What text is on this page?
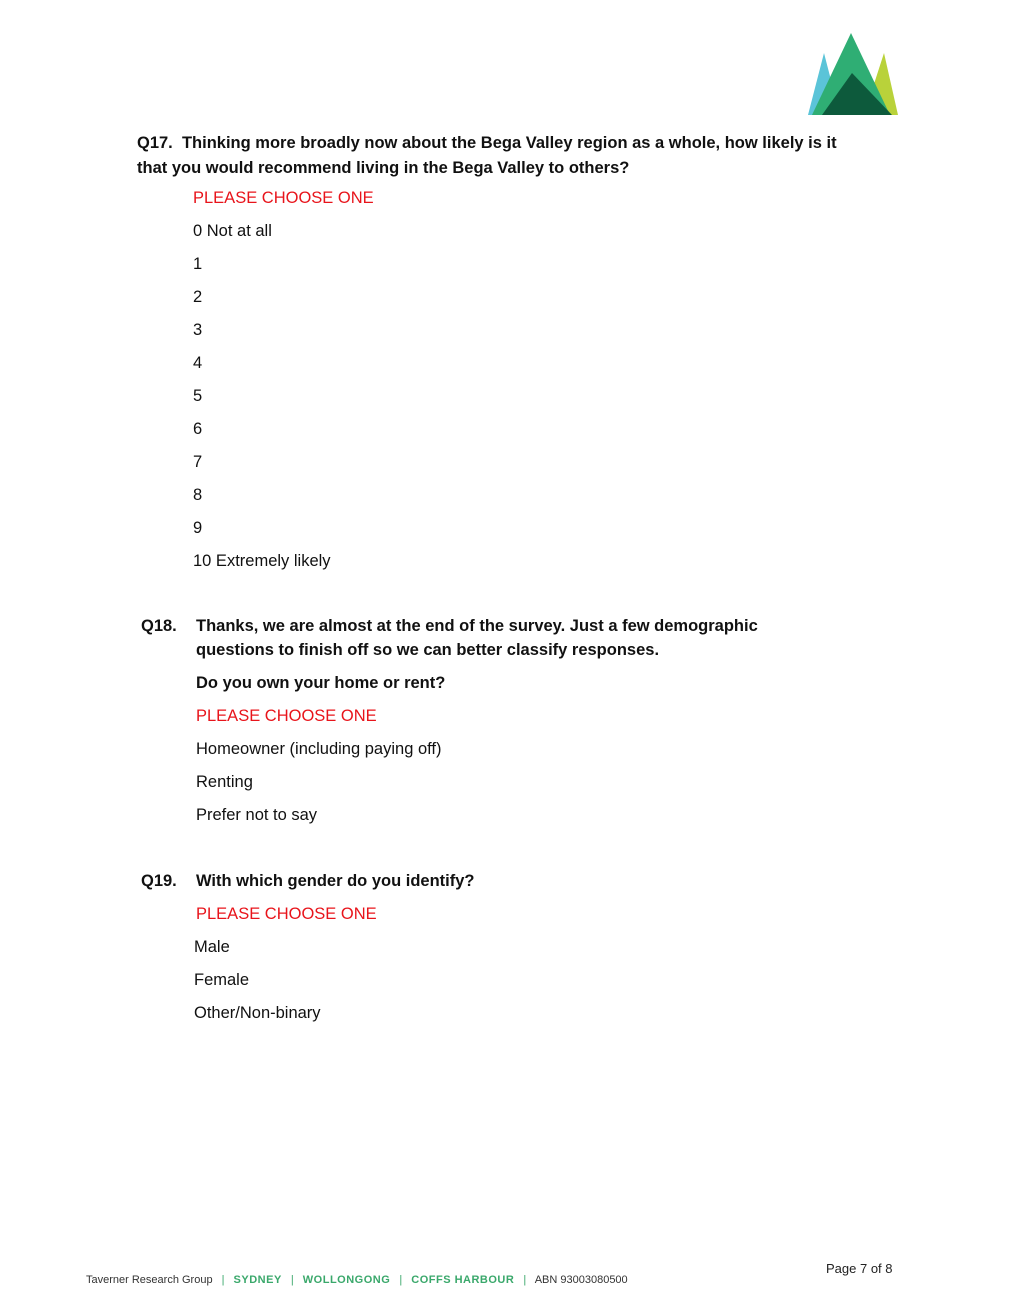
Q17. Thinking more broadly now about the Bega Valley region as a whole, how likely is it
that you would recommend living in the Bega Valley to others?
PLEASE CHOOSE ONE
0 Not at all
1
2
3
4
5
6
7
8
9
10 Extremely likely
Q18. Thanks, we are almost at the end of the survey. Just a few demographic
questions to finish off so we can better classify responses.
Do you own your home or rent?
PLEASE CHOOSE ONE
Homeowner (including paying off)
Renting
Prefer not to say
Q19. With which gender do you identify?
PLEASE CHOOSE ONE
Male
Female
Other/Non-binary
Page 7 of 8
Taverner Research Group | SYDNEY | WOLLONGONG | COFFS HARBOUR | ABN 93003080500
